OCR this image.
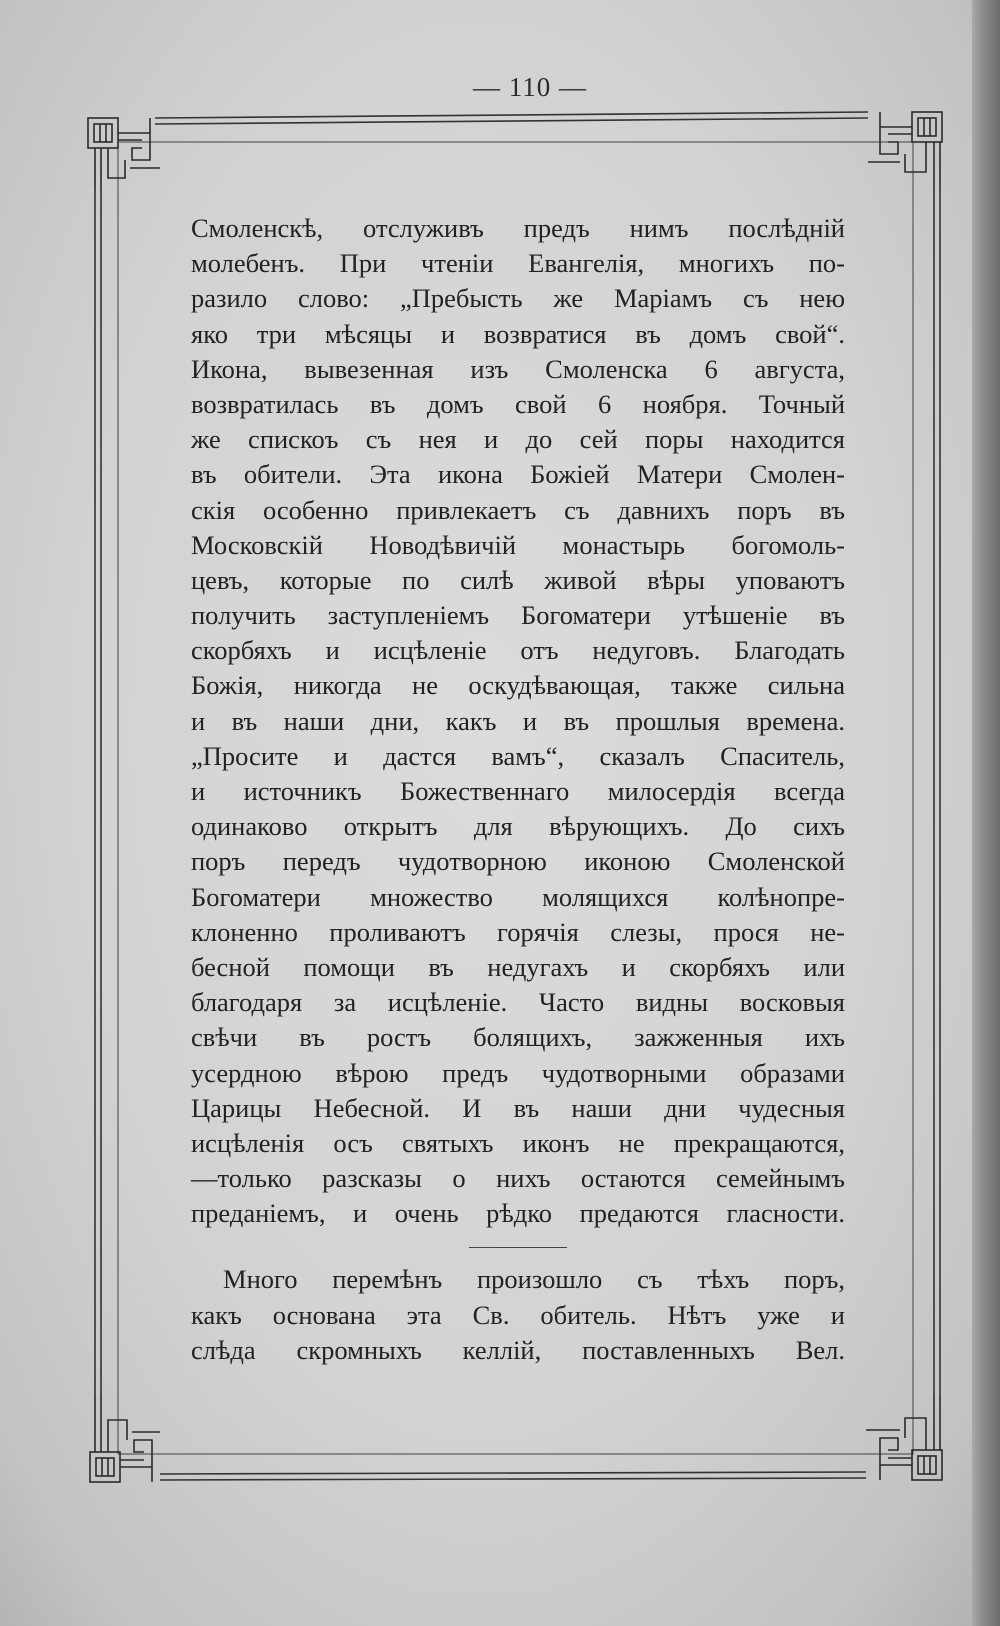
— 110 —
Смоленскѣ, отслуживъ предъ нимъ послѣдній
молебенъ. При чтеніи Евангелія, многихъ по-
разило слово: „Пребысть же Маріамъ съ нею
яко три мѣсяцы и возвратися въ домъ свой“.
Икона, вывезенная изъ Смоленска 6 августа,
возвратилась въ домъ свой 6 ноября. Точный
же спискоъ съ нея и до сей поры находится
въ обители. Эта икона Божіей Матери Смолен-
скія особенно привлекаетъ съ давнихъ поръ въ
Московскій Новодѣвичій монастырь богомоль-
цевъ, которые по силѣ живой вѣры уповаютъ
получить заступленіемъ Богоматери утѣшеніе въ
скорбяхъ и исцѣленіе отъ недуговъ. Благодать
Божія, никогда не оскудѣвающая, также сильна
и въ наши дни, какъ и въ прошлыя времена.
„Просите и дастся вамъ“, сказалъ Спаситель,
и источникъ Божественнаго милосердія всегда
одинаково открытъ для вѣрующихъ. До сихъ
поръ передъ чудотворною иконою Смоленской
Богоматери множество молящихся колѣнопре-
клоненно проливаютъ горячія слезы, прося не-
бесной помощи въ недугахъ и скорбяхъ или
благодаря за исцѣленіе. Часто видны восковыя
свѣчи въ ростъ болящихъ, зажженныя ихъ
усердною вѣрою предъ чудотворными образами
Царицы Небесной. И въ наши дни чудесныя
исцѣленія осъ святыхъ иконъ не прекращаются,
—только разсказы о нихъ остаются семейнымъ
преданіемъ, и очень рѣдко предаются гласности.
Много перемѣнъ произошло съ тѣхъ поръ,
какъ основана эта Св. обитель. Нѣтъ уже и
слѣда скромныхъ келлій, поставленныхъ Вел.
